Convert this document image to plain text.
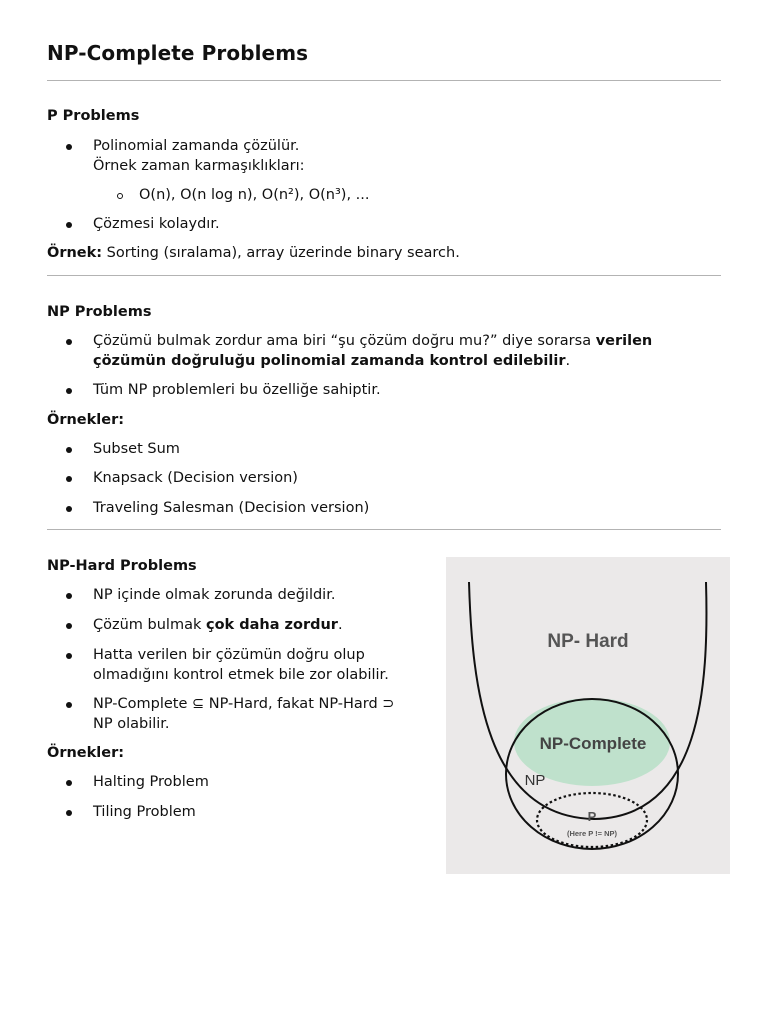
NP-Complete Problems

P Problems

Polinomial zamanda çözülür.

Örnek zaman karmaşıklıkları:

O(n), O(n log n), O(n²), O(n³), ...

Çözmesi kolaydır.

Örnek: Sorting (sıralama), array üzerinde binary search.

NP Problems

Çözümü bulmak zordur ama biri “şu çözüm doğru mu?” diye sorarsa verilen

çözümün doğruluğu polinomial zamanda kontrol edilebilir.

Tüm NP problemleri bu özelliğe sahiptir.

Örnekler:

Subset Sum

Knapsack (Decision version)

Traveling Salesman (Decision version)

NP-Hard Problems

NP içinde olmak zorunda değildir.

Çözüm bulmak çok daha zordur.

Hatta verilen bir çözümün doğru olup

olmadığını kontrol etmek bile zor olabilir.

NP-Complete ⊆ NP-Hard, fakat NP-Hard ⊃

NP olabilir.

Örnekler:

Halting Problem

Tiling Problem

NP- Hard
NP-Complete
NP
P
(Here P != NP)
